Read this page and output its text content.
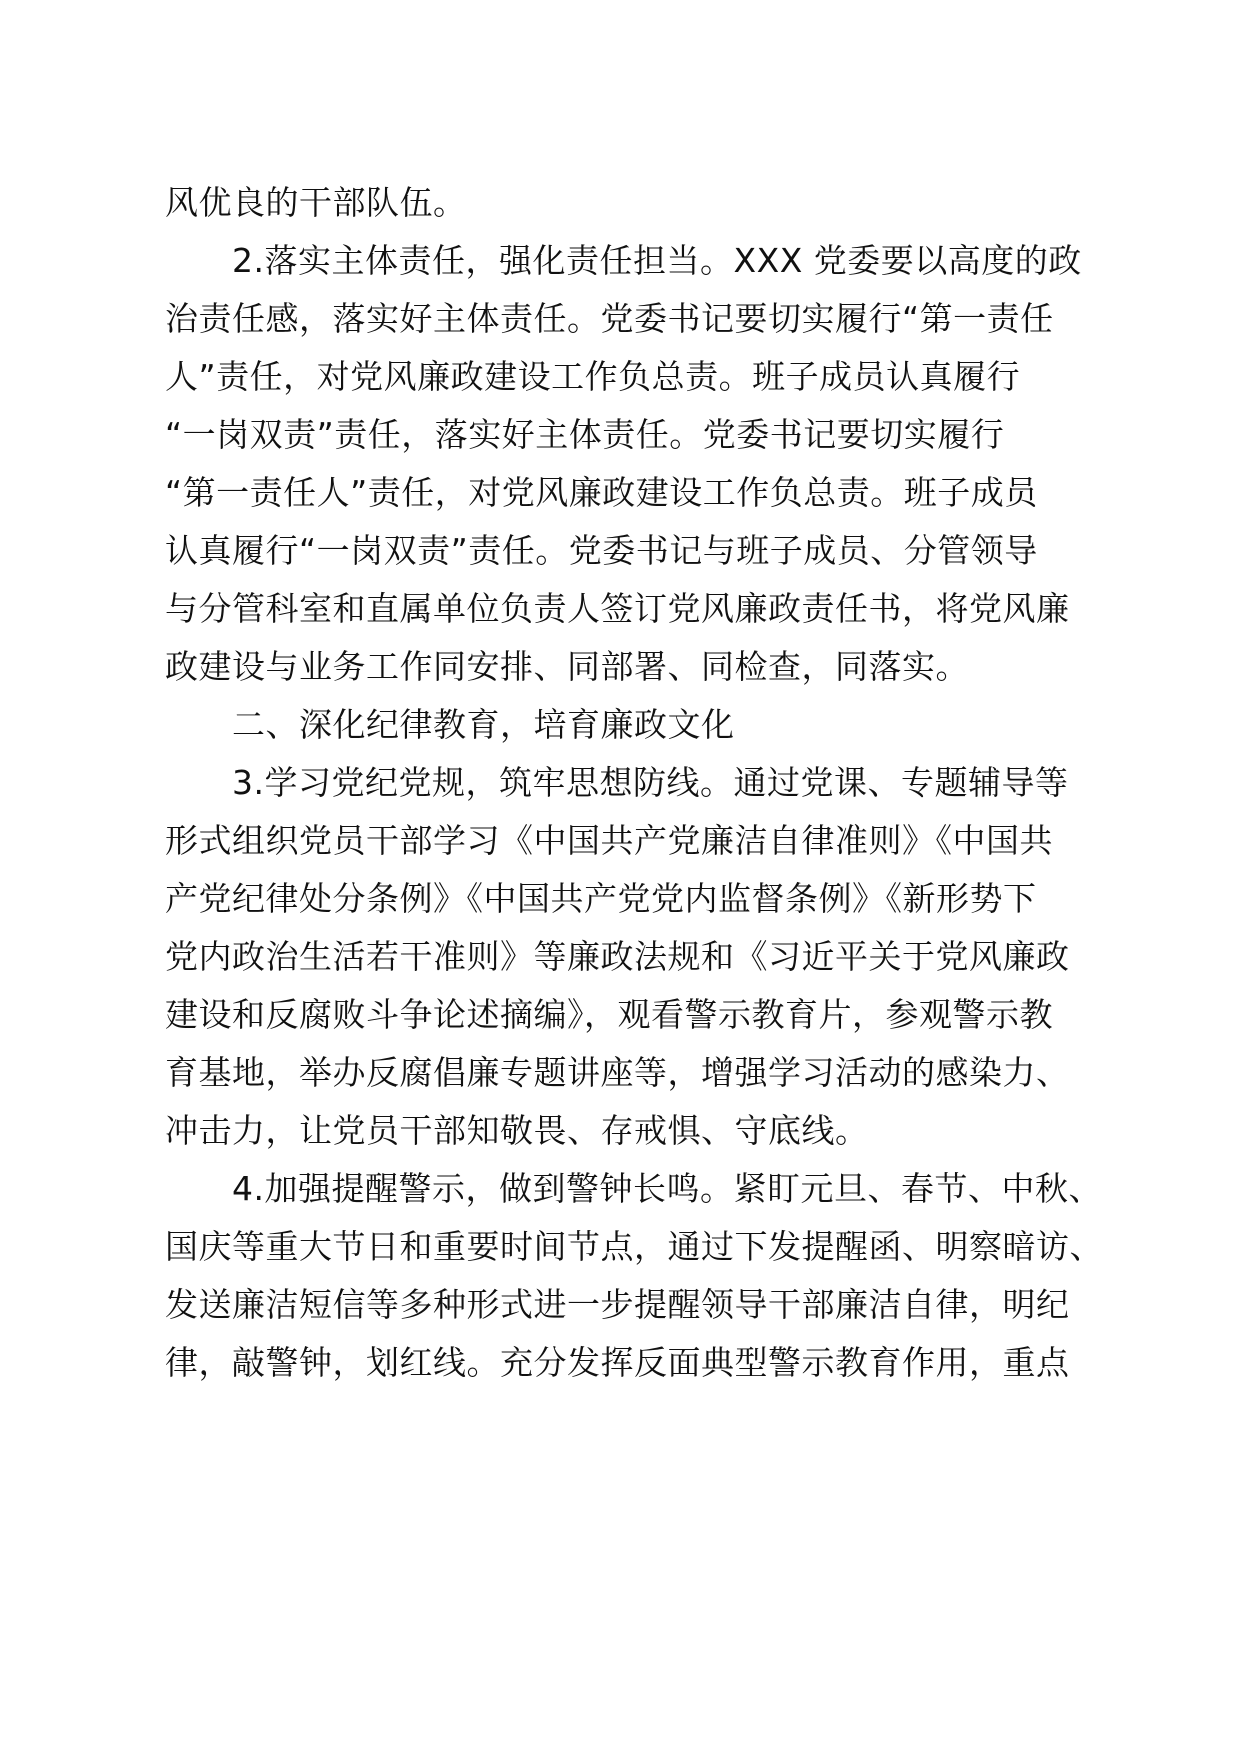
风优良的干部队伍。
2.落实主体责任，强化责任担当。XXX 党委要以高度的政
治责任感，落实好主体责任。党委书记要切实履行“第一责任
人”责任，对党风廉政建设工作负总责。班子成员认真履行
“一岗双责”责任，落实好主体责任。党委书记要切实履行
“第一责任人”责任，对党风廉政建设工作负总责。班子成员
认真履行“一岗双责”责任。党委书记与班子成员、分管领导
与分管科室和直属单位负责人签订党风廉政责任书，将党风廉
政建设与业务工作同安排、同部署、同检查，同落实。
二、深化纪律教育，培育廉政文化
3.学习党纪党规，筑牢思想防线。通过党课、专题辅导等
形式组织党员干部学习《中国共产党廉洁自律准则》《中国共
产党纪律处分条例》《中国共产党党内监督条例》《新形势下
党内政治生活若干准则》等廉政法规和《习近平关于党风廉政
建设和反腐败斗争论述摘编》，观看警示教育片，参观警示教
育基地，举办反腐倡廉专题讲座等，增强学习活动的感染力、
冲击力，让党员干部知敬畏、存戒惧、守底线。
4.加强提醒警示，做到警钟长鸣。紧盯元旦、春节、中秋、
国庆等重大节日和重要时间节点，通过下发提醒函、明察暗访、
发送廉洁短信等多种形式进一步提醒领导干部廉洁自律，明纪
律，敲警钟，划红线。充分发挥反面典型警示教育作用，重点
